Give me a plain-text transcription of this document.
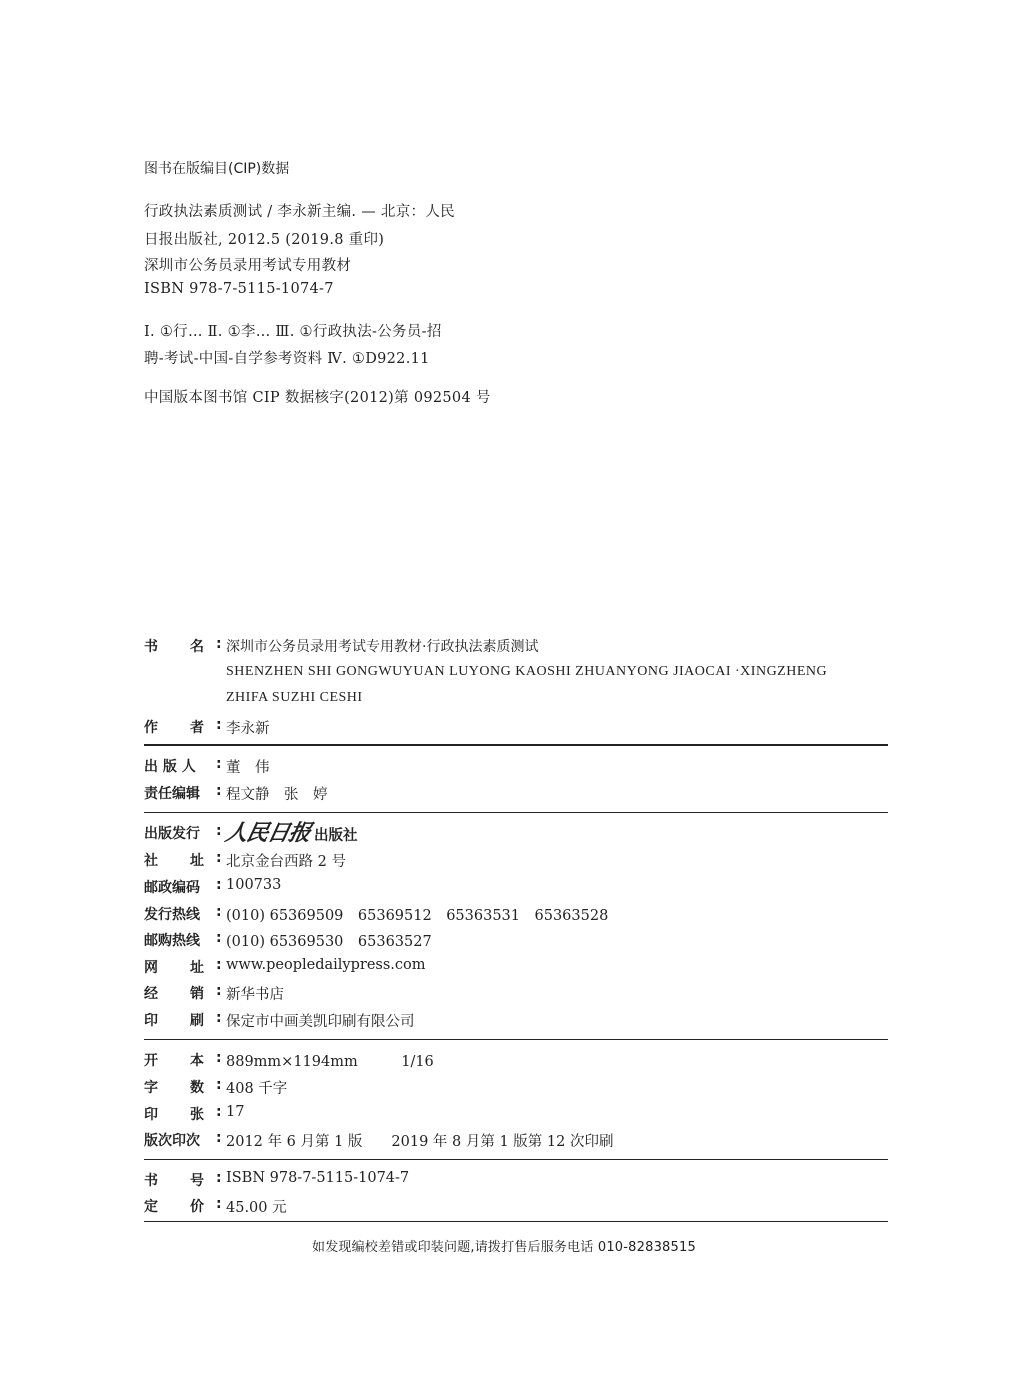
图书在版编目(CIP)数据
行政执法素质测试 / 李永新主编. — 北京：人民
日报出版社, 2012.5 (2019.8 重印)
深圳市公务员录用考试专用教材
ISBN 978-7-5115-1074-7
Ⅰ. ①行… Ⅱ. ①李… Ⅲ. ①行政执法-公务员-招
聘-考试-中国-自学参考资料 Ⅳ. ①D922.11
中国版本图书馆 CIP 数据核字(2012)第 092504 号
书 名 : 深圳市公务员录用考试专用教材·行政执法素质测试
SHENZHEN SHI GONGWUYUAN LUYONG KAOSHI ZHUANYONG JIAOCAI ·XINGZHENG
ZHIFA SUZHI CESHI
作 者 : 李永新
出 版 人 : 董　伟
责任编辑 : 程文静　张　婷
出版发行 : 人民日报 出版社
社 址 : 北京金台西路 2 号
邮政编码 : 100733
发行热线 : (010) 65369509　65369512　65363531　65363528
邮购热线 : (010) 65369530　65363527
网 址 : www.peopledailypress.com
经 销 : 新华书店
印 刷 : 保定市中画美凯印刷有限公司
开 本 : 889mm×1194mm　　　1/16
字 数 : 408 千字
印 张 : 17
版次印次 : 2012 年 6 月第 1 版　　2019 年 8 月第 1 版第 12 次印刷
书 号 : ISBN 978-7-5115-1074-7
定 价 : 45.00 元
如发现编校差错或印装问题,请拨打售后服务电话 010-82838515
